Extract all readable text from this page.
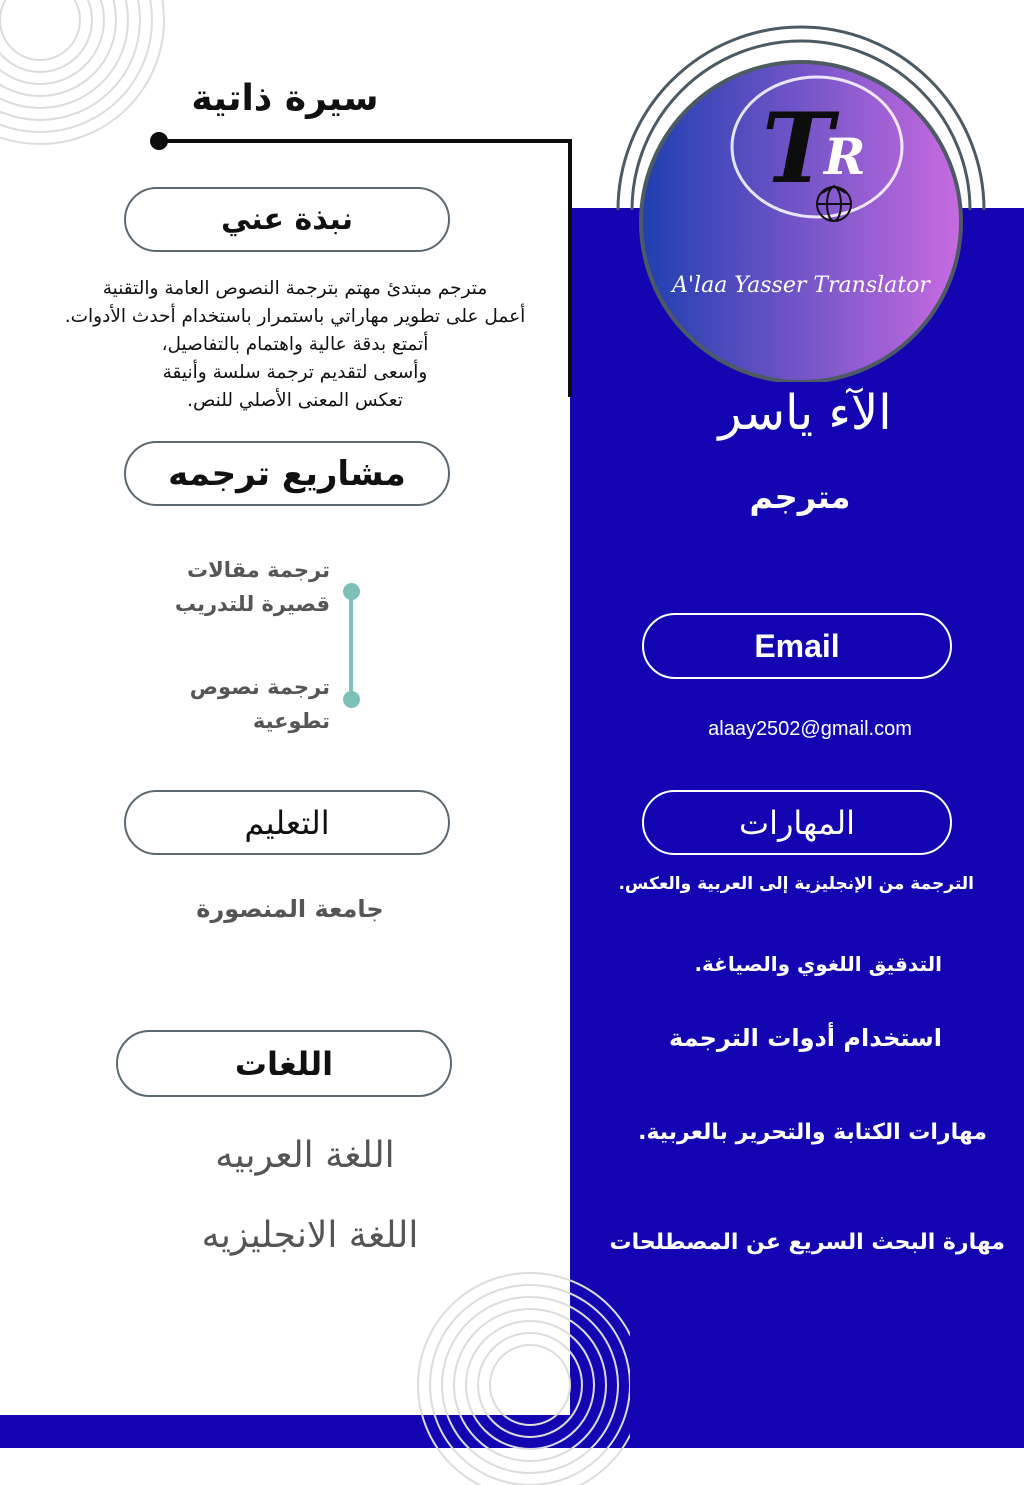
سيرة ذاتية
نبذة عني
مترجم مبتدئ مهتم بترجمة النصوص العامة والتقنية
أعمل على تطوير مهاراتي باستمرار باستخدام أحدث الأدوات.
أتمتع بدقة عالية واهتمام بالتفاصيل،
وأسعى لتقديم ترجمة سلسة وأنيقة
تعكس المعنى الأصلي للنص.
مشاريع ترجمه
ترجمة مقالات
قصيرة للتدريب
ترجمة نصوص
تطوعية
التعليم
جامعة المنصورة
اللغات
اللغة العربيه
اللغة الانجليزيه
T
R
A'laa Yasser Translator
الآء ياسر
مترجم
Email
alaay2502@gmail.com
المهارات
الترجمة من الإنجليزية إلى العربية والعكس.
التدقيق اللغوي والصياغة.
استخدام أدوات الترجمة
مهارات الكتابة والتحرير بالعربية.
مهارة البحث السريع عن المصطلحات
